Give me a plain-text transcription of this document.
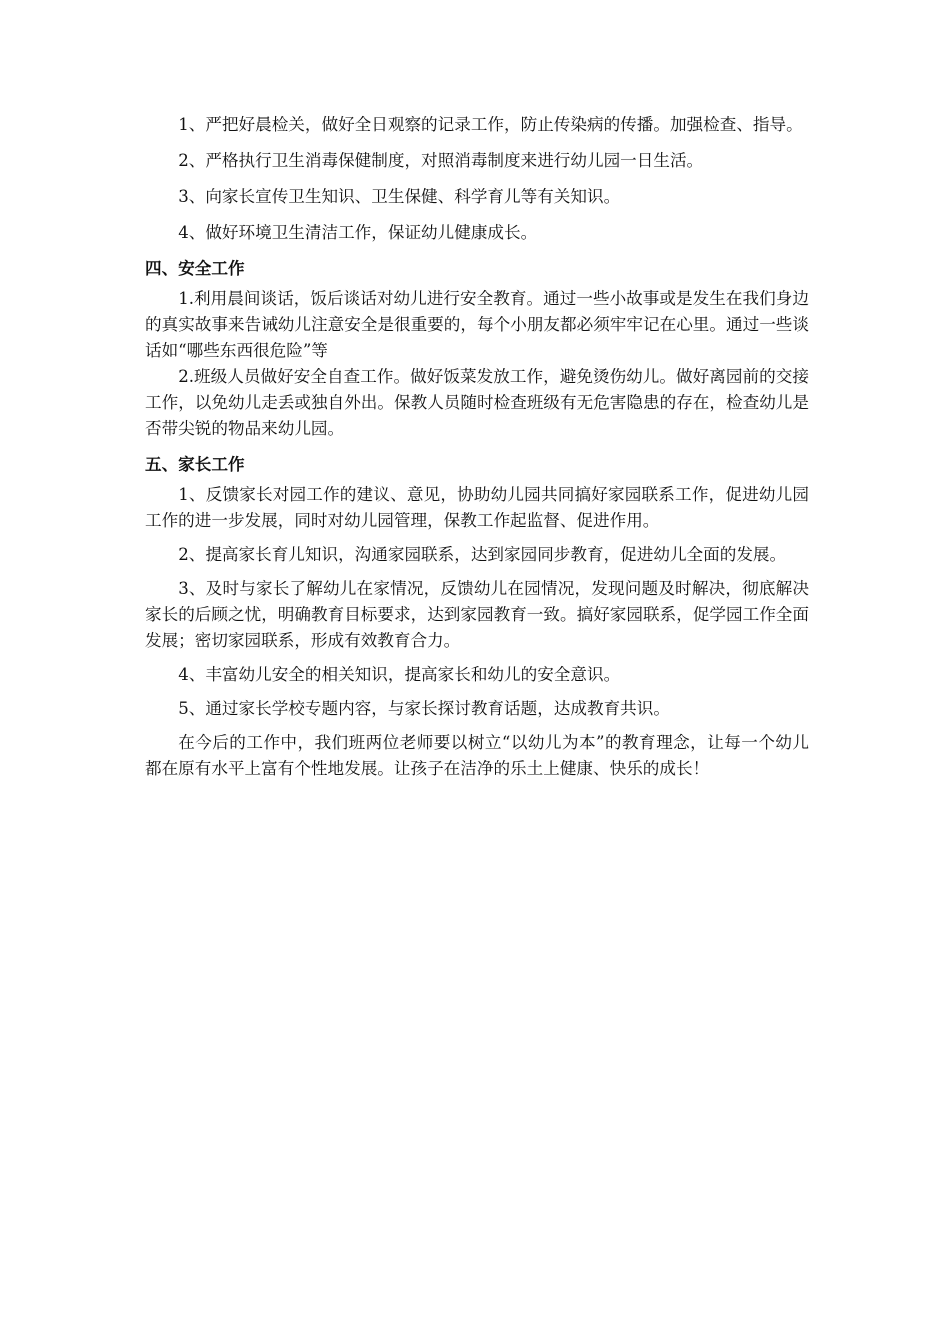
1、严把好晨检关，做好全日观察的记录工作，防止传染病的传播。加强检查、指导。

2、严格执行卫生消毒保健制度，对照消毒制度来进行幼儿园一日生活。

3、向家长宣传卫生知识、卫生保健、科学育儿等有关知识。

4、做好环境卫生清洁工作，保证幼儿健康成长。

四、安全工作

1.利用晨间谈话，饭后谈话对幼儿进行安全教育。通过一些小故事或是发生在我们身边的真实故事来告诫幼儿注意安全是很重要的，每个小朋友都必须牢牢记在心里。通过一些谈话如“哪些东西很危险”等

2.班级人员做好安全自查工作。做好饭菜发放工作，避免烫伤幼儿。做好离园前的交接工作，以免幼儿走丢或独自外出。保教人员随时检查班级有无危害隐患的存在，检查幼儿是否带尖锐的物品来幼儿园。

五、家长工作

1、反馈家长对园工作的建议、意见，协助幼儿园共同搞好家园联系工作，促进幼儿园工作的进一步发展，同时对幼儿园管理，保教工作起监督、促进作用。

2、提高家长育儿知识，沟通家园联系，达到家园同步教育，促进幼儿全面的发展。

3、及时与家长了解幼儿在家情况，反馈幼儿在园情况，发现问题及时解决，彻底解决家长的后顾之忧，明确教育目标要求，达到家园教育一致。搞好家园联系，促学园工作全面发展；密切家园联系，形成有效教育合力。

4、丰富幼儿安全的相关知识，提高家长和幼儿的安全意识。

5、通过家长学校专题内容，与家长探讨教育话题，达成教育共识。

在今后的工作中，我们班两位老师要以树立“以幼儿为本”的教育理念，让每一个幼儿都在原有水平上富有个性地发展。让孩子在洁净的乐土上健康、快乐的成长！
